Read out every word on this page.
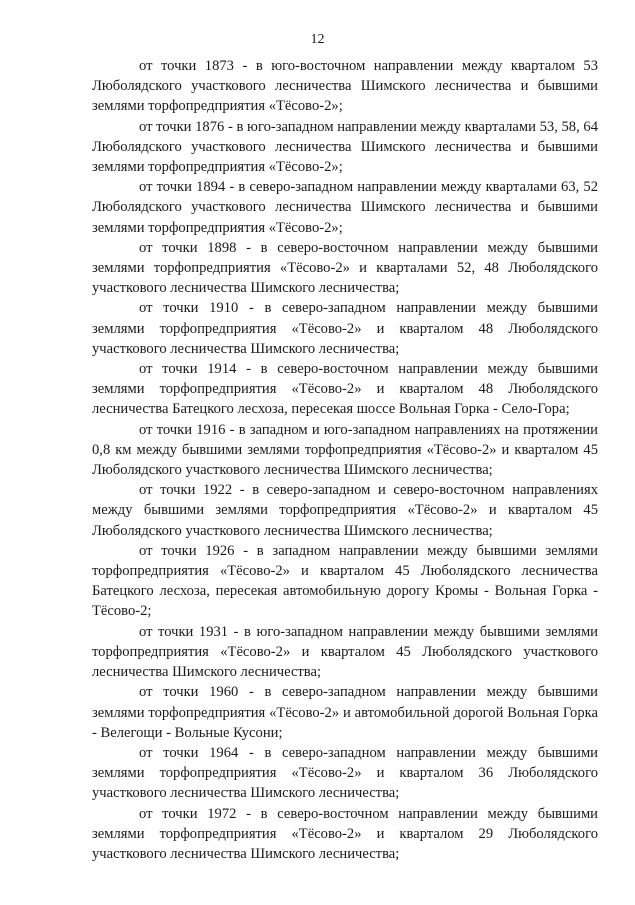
12

от точки 1873 - в юго-восточном направлении между кварталом 53 Люболядского участкового лесничества Шимского лесничества и бывшими землями торфопредприятия «Тёсово-2»;

от точки 1876 - в юго-западном направлении между кварталами 53, 58, 64 Люболядского участкового лесничества Шимского лесничества и бывшими землями торфопредприятия «Тёсово-2»;

от точки 1894 - в северо-западном направлении между кварталами 63, 52 Люболядского участкового лесничества Шимского лесничества и бывшими землями торфопредприятия «Тёсово-2»;

от точки 1898 - в северо-восточном направлении между бывшими землями торфопредприятия «Тёсово-2» и кварталами 52, 48 Люболядского участкового лесничества Шимского лесничества;

от точки 1910 - в северо-западном направлении между бывшими землями торфопредприятия «Тёсово-2» и кварталом 48 Люболядского участкового лесничества Шимского лесничества;

от точки 1914 - в северо-восточном направлении между бывшими землями торфопредприятия «Тёсово-2» и кварталом 48 Люболядского лесничества Батецкого лесхоза, пересекая шоссе Вольная Горка - Село-Гора;

от точки 1916 - в западном и юго-западном направлениях на протяжении 0,8 км между бывшими землями торфопредприятия «Тёсово-2» и кварталом 45 Люболядского участкового лесничества Шимского лесничества;

от точки 1922 - в северо-западном и северо-восточном направлениях между бывшими землями торфопредприятия «Тёсово-2» и кварталом 45 Люболядского участкового лесничества Шимского лесничества;

от точки 1926 - в западном направлении между бывшими землями торфопредприятия «Тёсово-2» и кварталом 45 Люболядского лесничества Батецкого лесхоза, пересекая автомобильную дорогу Кромы - Вольная Горка - Тёсово-2;

от точки 1931 - в юго-западном направлении между бывшими землями торфопредприятия «Тёсово-2» и кварталом 45 Люболядского участкового лесничества Шимского лесничества;

от точки 1960 - в северо-западном направлении между бывшими землями торфопредприятия «Тёсово-2» и автомобильной дорогой Вольная Горка - Велегощи - Вольные Кусони;

от точки 1964 - в северо-западном направлении между бывшими землями торфопредприятия «Тёсово-2» и кварталом 36 Люболядского участкового лесничества Шимского лесничества;

от точки 1972 - в северо-восточном направлении между бывшими землями торфопредприятия «Тёсово-2» и кварталом 29 Люболядского участкового лесничества Шимского лесничества;
